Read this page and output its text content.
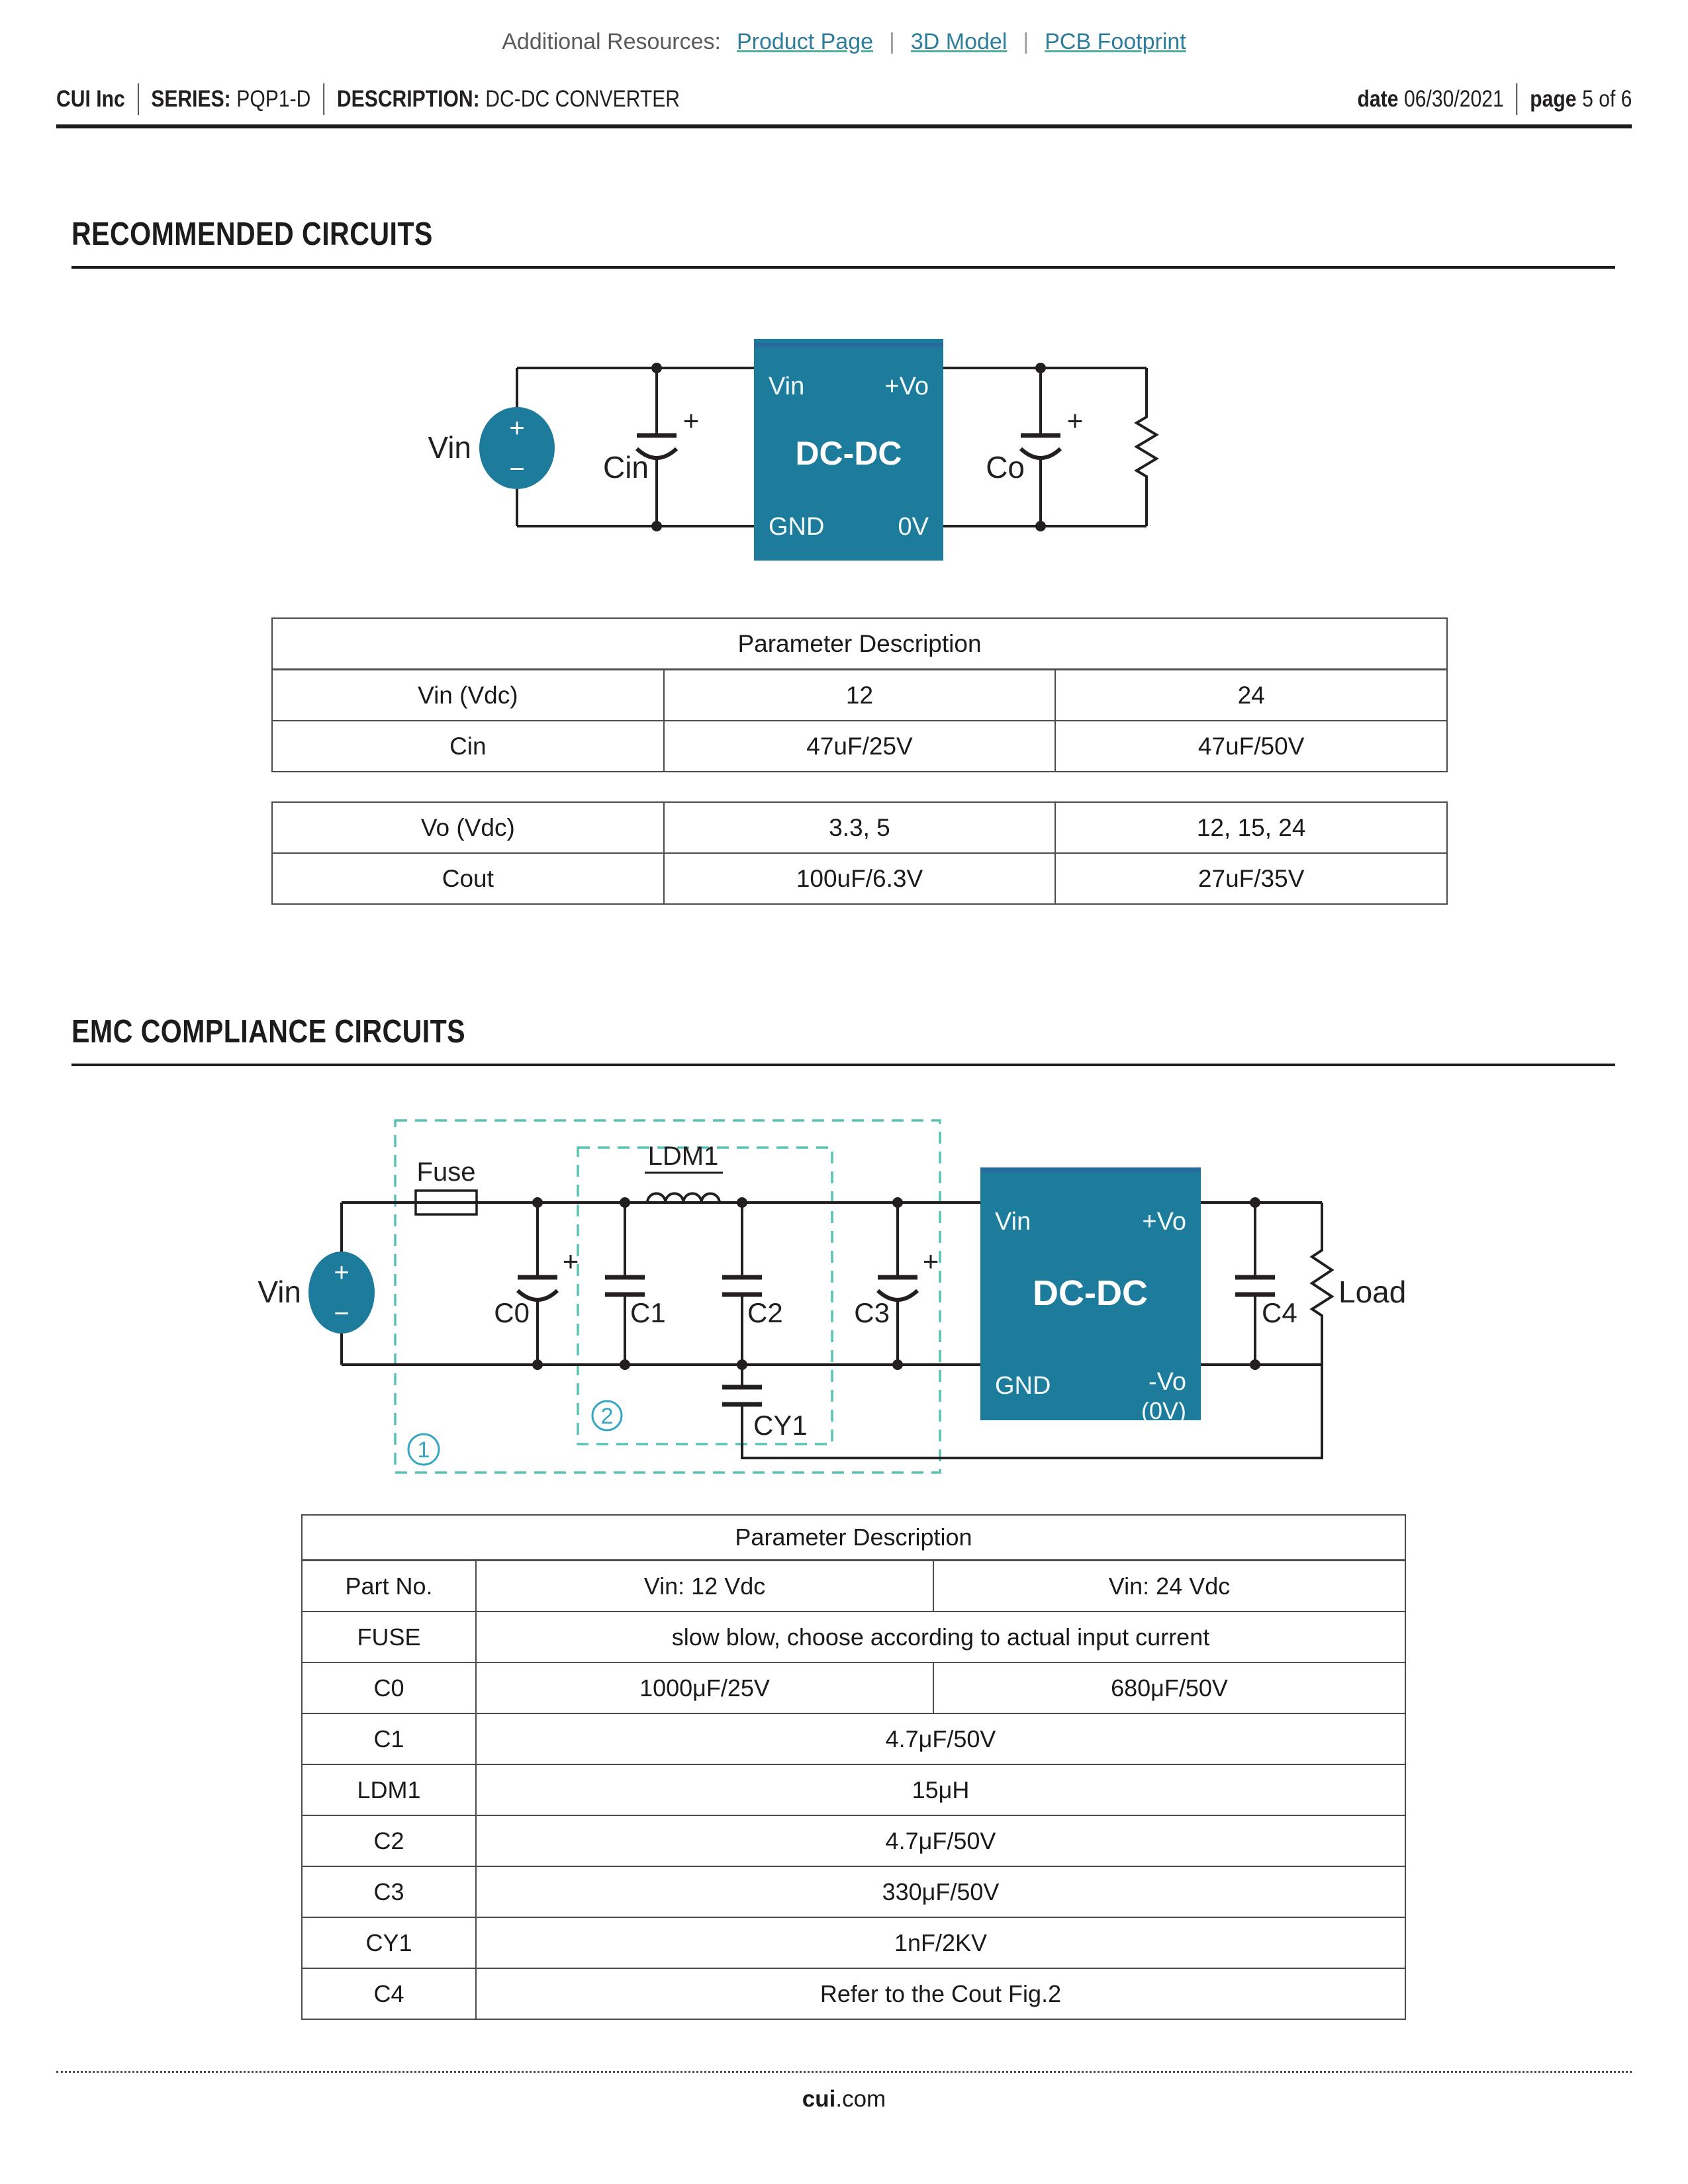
Additional Resources: Product Page | 3D Model | PCB Footprint
CUI Inc SERIES: PQP1-D DESCRIPTION: DC-DC CONVERTER	date 06/30/2021 page 5 of 6
RECOMMENDED CIRCUITS
Vin
+
−
+
Cin
Vin	+Vo
DC-DC
GND	0V
+
Co
Parameter Description		
Vin (Vdc)	12	24
Cin	47uF/25V	47uF/50V
Vo (Vdc)	3.3, 5	12, 15, 24
Cout	100uF/6.3V	27uF/35V
EMC COMPLIANCE CIRCUITS
1
2
Vin
+
−
Fuse
LDM1
+
C0	C1	C2
+
C3
CY1
Vin	+Vo
DC-DC
GND	-Vo
(0V)
C4
Load
Parameter Description		
Part No.	Vin: 12 Vdc	Vin: 24 Vdc
FUSE	slow blow, choose according to actual input current	
C0	1000μF/25V	680μF/50V
C1	4.7μF/50V	
LDM1	15μH	
C2	4.7μF/50V	
C3	330μF/50V	
CY1	1nF/2KV	
C4	Refer to the Cout Fig.2	
cui.com
